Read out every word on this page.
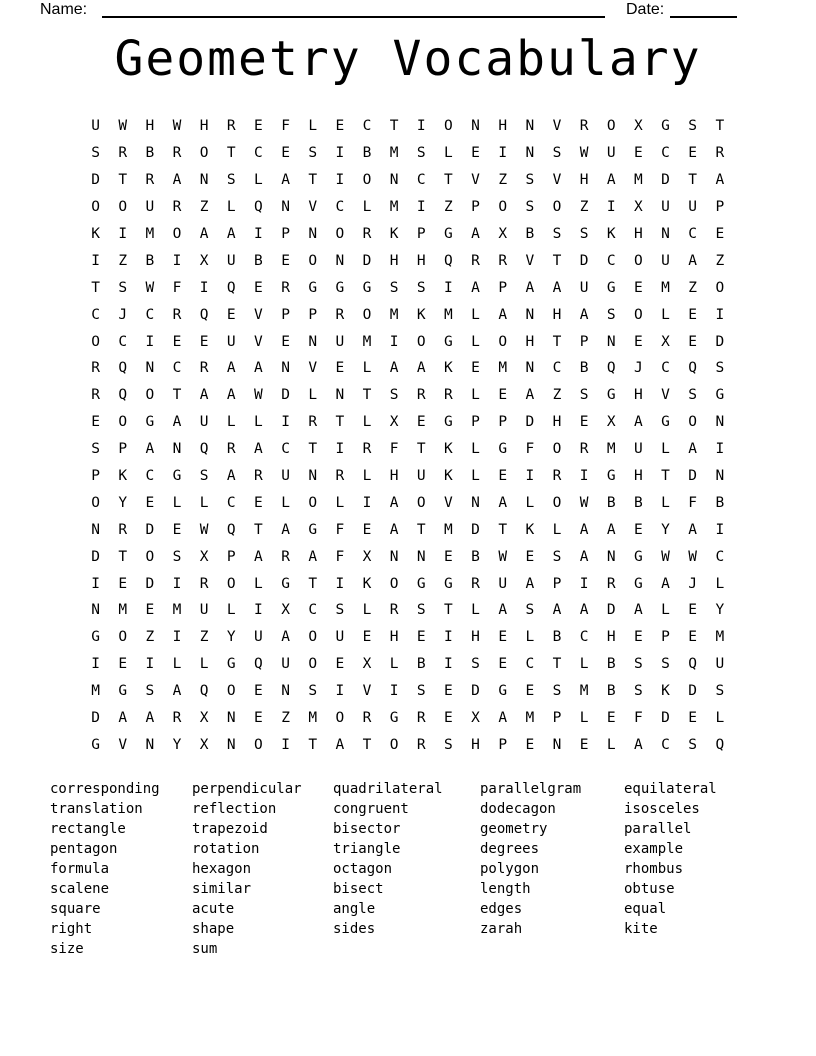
Name:	Date:
Geometry Vocabulary
U	W	H	W	H	R	E	F	L	E	C	T	I	O	N	H	N	V	R	O	X	G	S	T
S	R	B	R	O	T	C	E	S	I	B	M	S	L	E	I	N	S	W	U	E	C	E	R
D	T	R	A	N	S	L	A	T	I	O	N	C	T	V	Z	S	V	H	A	M	D	T	A
O	O	U	R	Z	L	Q	N	V	C	L	M	I	Z	P	O	S	O	Z	I	X	U	U	P
K	I	M	O	A	A	I	P	N	O	R	K	P	G	A	X	B	S	S	K	H	N	C	E
I	Z	B	I	X	U	B	E	O	N	D	H	H	Q	R	R	V	T	D	C	O	U	A	Z
T	S	W	F	I	Q	E	R	G	G	G	S	S	I	A	P	A	A	U	G	E	M	Z	O
C	J	C	R	Q	E	V	P	P	R	O	M	K	M	L	A	N	H	A	S	O	L	E	I
O	C	I	E	E	U	V	E	N	U	M	I	O	G	L	O	H	T	P	N	E	X	E	D
R	Q	N	C	R	A	A	N	V	E	L	A	A	K	E	M	N	C	B	Q	J	C	Q	S
R	Q	O	T	A	A	W	D	L	N	T	S	R	R	L	E	A	Z	S	G	H	V	S	G
E	O	G	A	U	L	L	I	R	T	L	X	E	G	P	P	D	H	E	X	A	G	O	N
S	P	A	N	Q	R	A	C	T	I	R	F	T	K	L	G	F	O	R	M	U	L	A	I
P	K	C	G	S	A	R	U	N	R	L	H	U	K	L	E	I	R	I	G	H	T	D	N
O	Y	E	L	L	C	E	L	O	L	I	A	O	V	N	A	L	O	W	B	B	L	F	B
N	R	D	E	W	Q	T	A	G	F	E	A	T	M	D	T	K	L	A	A	E	Y	A	I
D	T	O	S	X	P	A	R	A	F	X	N	N	E	B	W	E	S	A	N	G	W	W	C
I	E	D	I	R	O	L	G	T	I	K	O	G	G	R	U	A	P	I	R	G	A	J	L
N	M	E	M	U	L	I	X	C	S	L	R	S	T	L	A	S	A	A	D	A	L	E	Y
G	O	Z	I	Z	Y	U	A	O	U	E	H	E	I	H	E	L	B	C	H	E	P	E	M
I	E	I	L	L	G	Q	U	O	E	X	L	B	I	S	E	C	T	L	B	S	S	Q	U
M	G	S	A	Q	O	E	N	S	I	V	I	S	E	D	G	E	S	M	B	S	K	D	S
D	A	A	R	X	N	E	Z	M	O	R	G	R	E	X	A	M	P	L	E	F	D	E	L
G	V	N	Y	X	N	O	I	T	A	T	O	R	S	H	P	E	N	E	L	A	C	S	Q
corresponding
translation
rectangle
pentagon
formula
scalene
square
right
size
perpendicular
reflection
trapezoid
rotation
hexagon
similar
acute
shape
sum
quadrilateral
congruent
bisector
triangle
octagon
bisect
angle
sides
parallelgram
dodecagon
geometry
degrees
polygon
length
edges
zarah
equilateral
isosceles
parallel
example
rhombus
obtuse
equal
kite
